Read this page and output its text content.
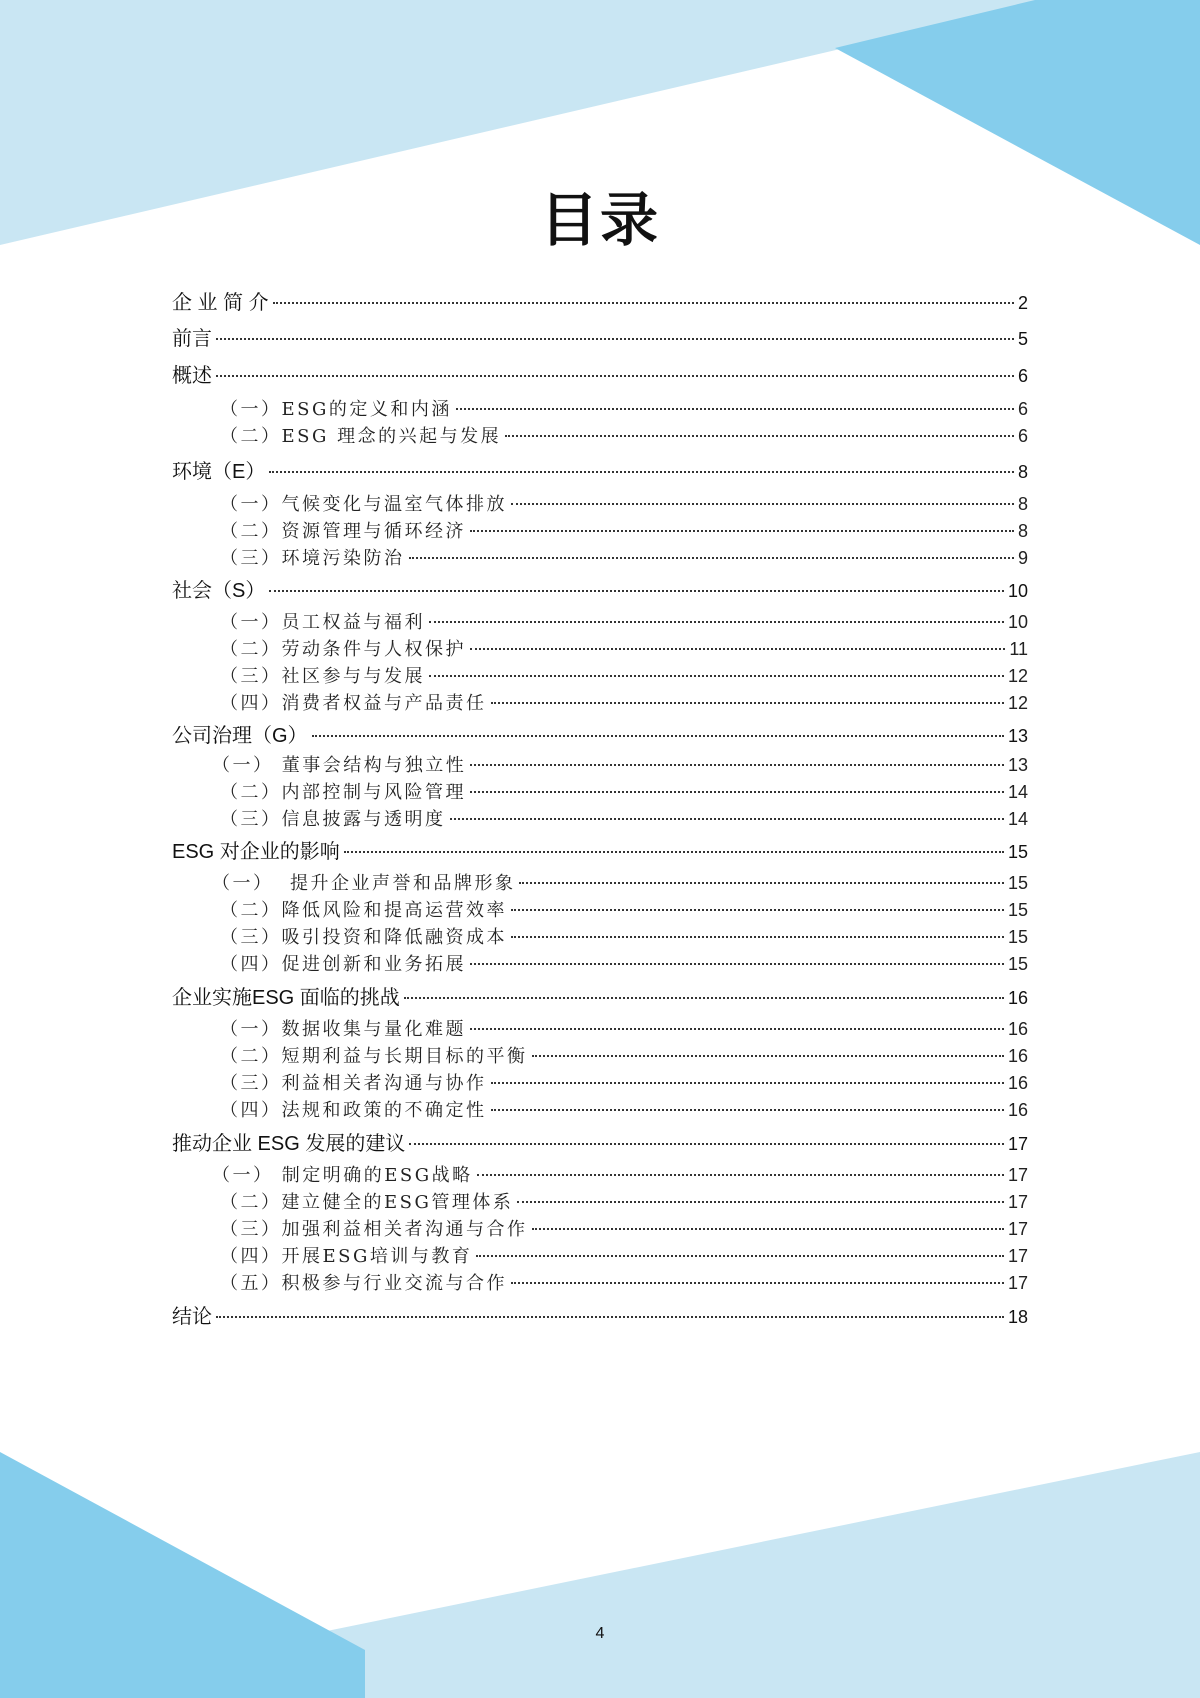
目录
企 业 简 介	2
前言	5
概述	6
（一）ESG的定义和内涵	6
（二）ESG 理念的兴起与发展	6
环境（E）	8
（一）气候变化与温室气体排放	8
（二）资源管理与循环经济	8
（三）环境污染防治	9
社会（S）	10
（一）员工权益与福利	10
（二）劳动条件与人权保护	11
（三）社区参与与发展	12
（四）消费者权益与产品责任	12
公司治理（G）	13
（一） 董事会结构与独立性	13
（二）内部控制与风险管理	14
（三）信息披露与透明度	14
ESG 对企业的影响	15
（一）  提升企业声誉和品牌形象	15
（二）降低风险和提高运营效率	15
（三）吸引投资和降低融资成本	15
（四）促进创新和业务拓展	15
企业实施ESG 面临的挑战	16
（一）数据收集与量化难题	16
（二）短期利益与长期目标的平衡	16
（三）利益相关者沟通与协作	16
（四）法规和政策的不确定性	16
推动企业 ESG 发展的建议	17
（一） 制定明确的ESG战略	17
（二）建立健全的ESG管理体系	17
（三）加强利益相关者沟通与合作	17
（四）开展ESG培训与教育	17
（五）积极参与行业交流与合作	17
结论	18
4
